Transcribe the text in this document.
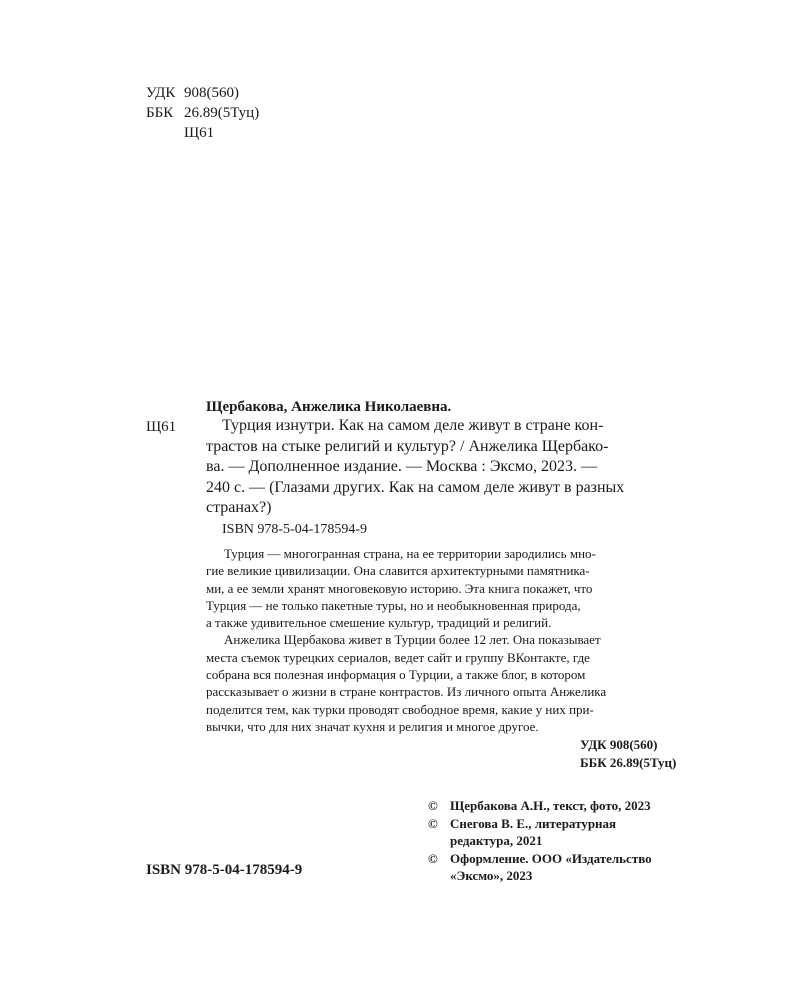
УДК 908(560)
ББК 26.89(5Туц)
Щ61
Щербакова, Анжелика Николаевна.
Щ61 Турция изнутри. Как на самом деле живут в стране кон-
трастов на стыке религий и культур? / Анжелика Щербако-
ва. — Дополненное издание. — Москва : Эксмо, 2023. —
240 с. — (Глазами других. Как на самом деле живут в разных
странах?)
ISBN 978-5-04-178594-9
Турция — многогранная страна, на ее территории зародились мно-
гие великие цивилизации. Она славится архитектурными памятника-
ми, а ее земли хранят многовековую историю. Эта книга покажет, что
Турция — не только пакетные туры, но и необыкновенная природа,
а также удивительное смешение культур, традиций и религий.
Анжелика Щербакова живет в Турции более 12 лет. Она показывает
места съемок турецких сериалов, ведет сайт и группу ВКонтакте, где
собрана вся полезная информация о Турции, а также блог, в котором
рассказывает о жизни в стране контрастов. Из личного опыта Анжелика
поделится тем, как турки проводят свободное время, какие у них при-
вычки, что для них значат кухня и религия и многое другое.
УДК 908(560)
ББК 26.89(5Туц)
ISBN 978-5-04-178594-9
© Щербакова А.Н., текст, фото, 2023
© Снегова В. Е., литературная
редактура, 2021
© Оформление. ООО «Издательство
«Эксмо», 2023
